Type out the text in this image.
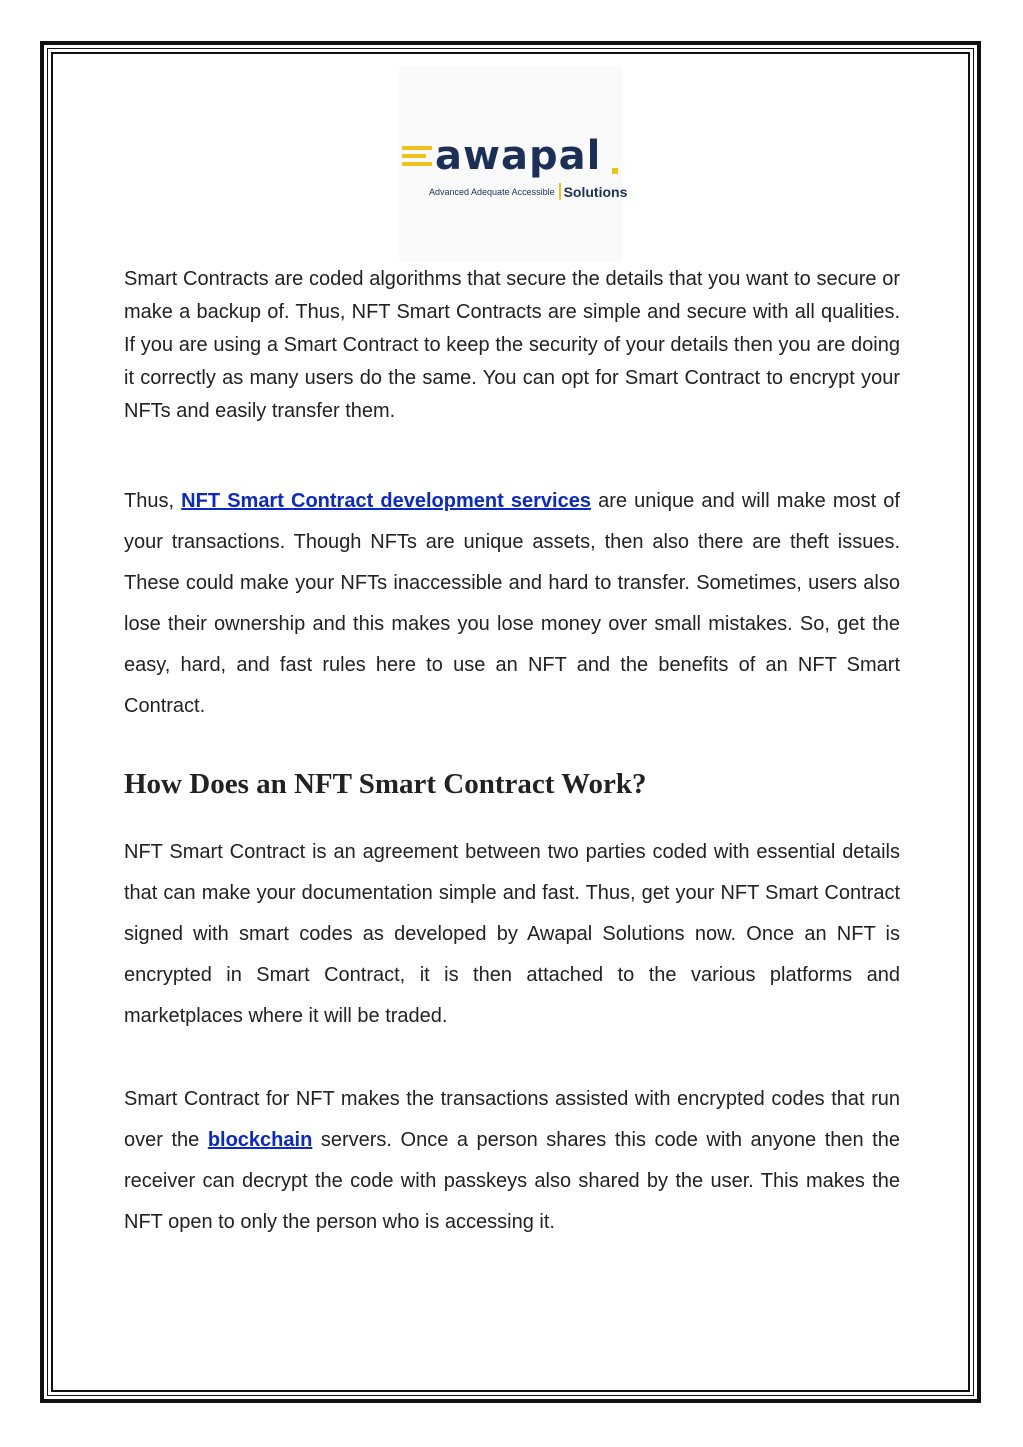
awapal
Advanced Adequate Accessible Solutions

Smart Contracts are coded algorithms that secure the details that you want to secure or make a backup of. Thus, NFT Smart Contracts are simple and secure with all qualities. If you are using a Smart Contract to keep the security of your details then you are doing it correctly as many users do the same. You can opt for Smart Contract to encrypt your NFTs and easily transfer them.

Thus, NFT Smart Contract development services are unique and will make most of your transactions. Though NFTs are unique assets, then also there are theft issues. These could make your NFTs inaccessible and hard to transfer. Sometimes, users also lose their ownership and this makes you lose money over small mistakes. So, get the easy, hard, and fast rules here to use an NFT and the benefits of an NFT Smart Contract.

How Does an NFT Smart Contract Work?

NFT Smart Contract is an agreement between two parties coded with essential details that can make your documentation simple and fast. Thus, get your NFT Smart Contract signed with smart codes as developed by Awapal Solutions now. Once an NFT is encrypted in Smart Contract, it is then attached to the various platforms and marketplaces where it will be traded.

Smart Contract for NFT makes the transactions assisted with encrypted codes that run over the blockchain servers. Once a person shares this code with anyone then the receiver can decrypt the code with passkeys also shared by the user. This makes the NFT open to only the person who is accessing it.
